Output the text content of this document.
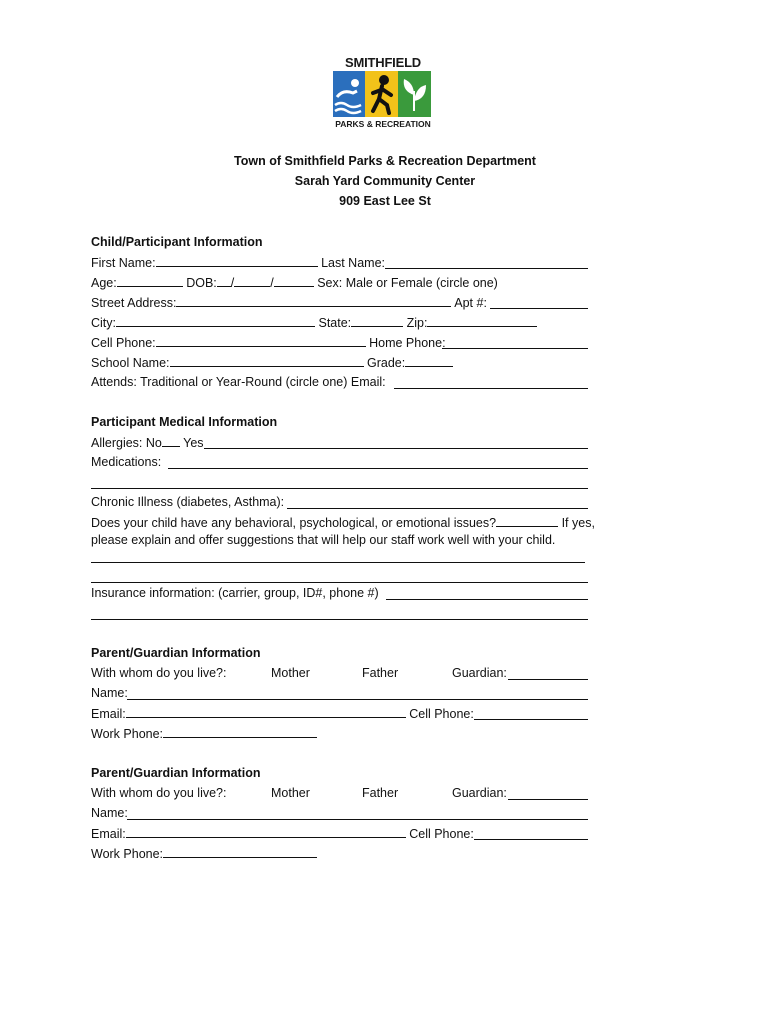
SMITHFIELD
PARKS & RECREATION
Town of Smithfield Parks & Recreation Department
Sarah Yard Community Center
909 East Lee St
Child/Participant Information
First Name:	Last Name:
Age:	DOB: /	/	Sex: Male or Female (circle one)
Street Address:	Apt #:
City:	State:	Zip:
Cell Phone:	Home Phone:
School Name:	Grade:
Attends: Traditional or Year-Round (circle one) Email:
Participant Medical Information
Allergies: No Yes
Medications:
Chronic Illness (diabetes, Asthma):
Does your child have any behavioral, psychological, or emotional issues?	If yes,
please explain and offer suggestions that will help our staff work well with your child.
Insurance information: (carrier, group, ID#, phone #)
Parent/Guardian Information
With whom do you live?:	Mother	Father	Guardian:
Name:
Email:	Cell Phone:
Work Phone:
Parent/Guardian Information
With whom do you live?:	Mother	Father	Guardian:
Name:
Email:	Cell Phone:
Work Phone:
